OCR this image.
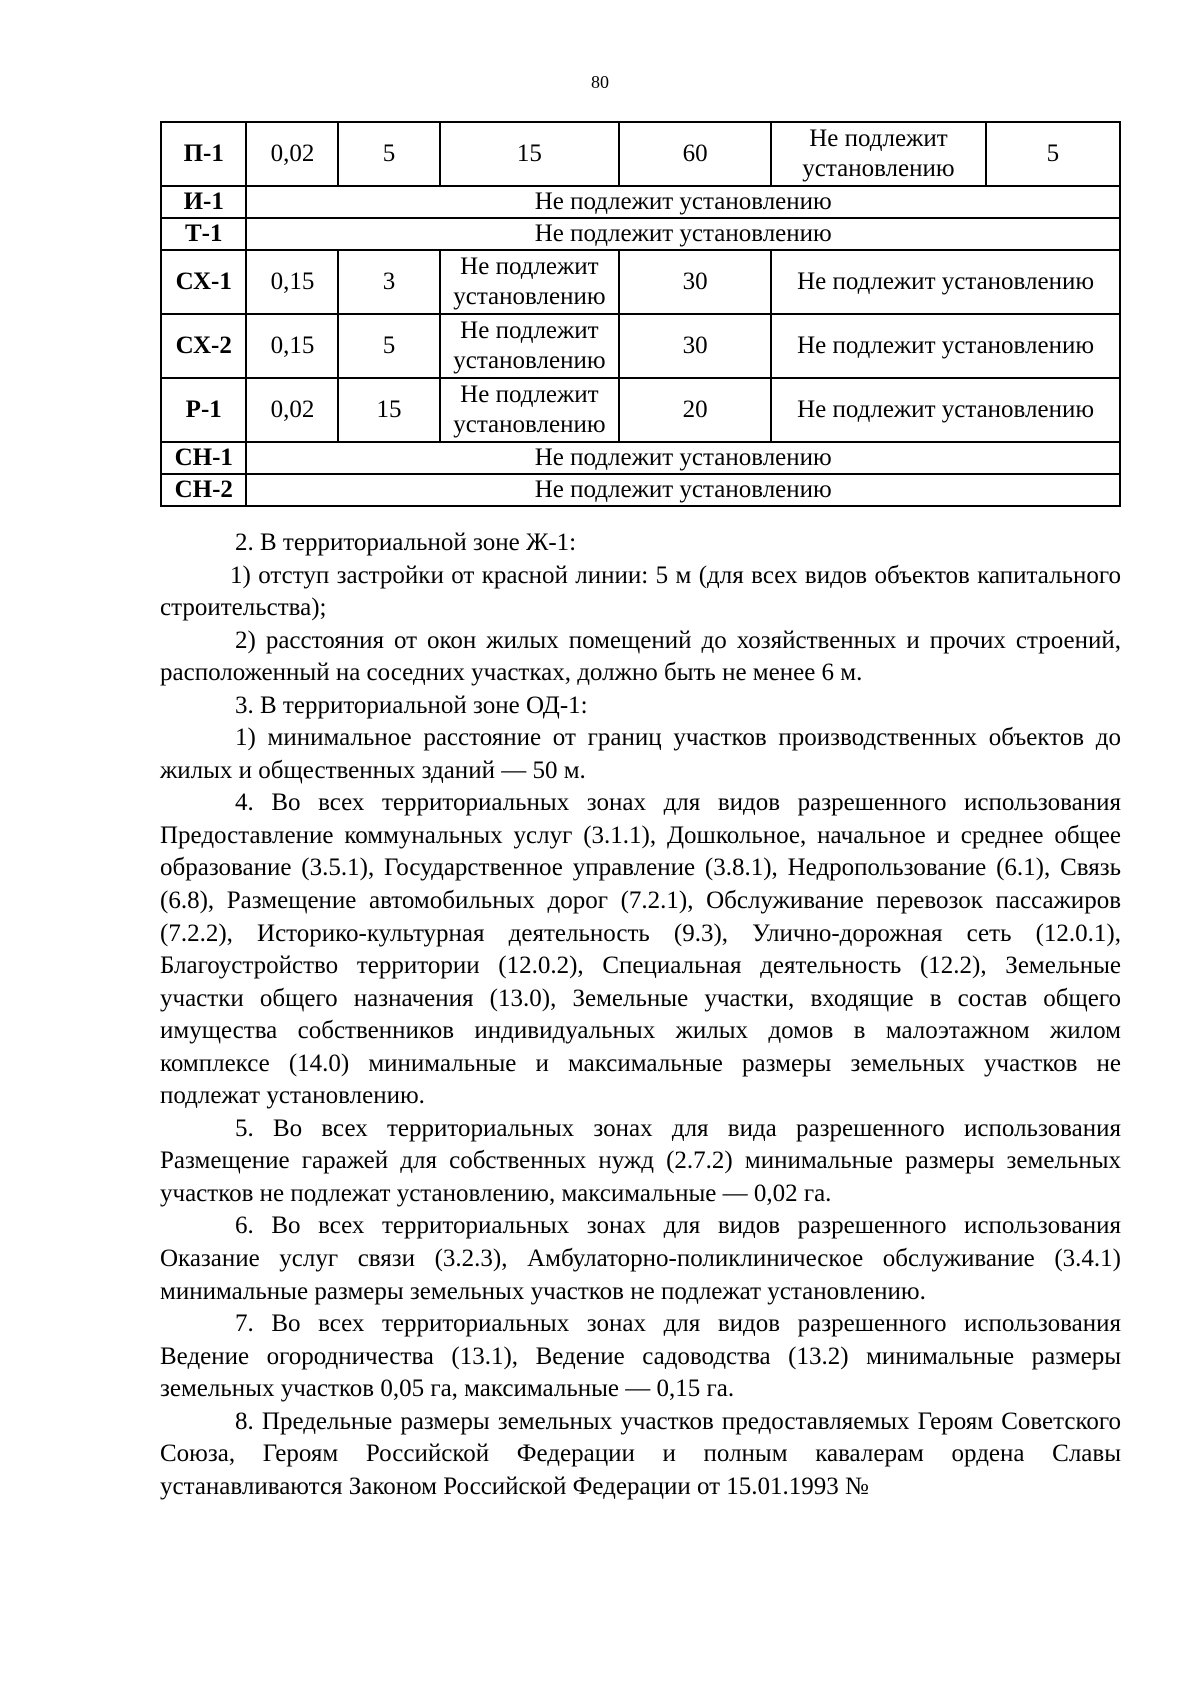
80
П-1	0,02	5	15	60	Не подлежит установлению	5
И-1	Не подлежит установлению					
Т-1	Не подлежит установлению					
СХ-1	0,15	3	Не подлежит установлению	30	Не подлежит установлению	
СХ-2	0,15	5	Не подлежит установлению	30	Не подлежит установлению	
Р-1	0,02	15	Не подлежит установлению	20	Не подлежит установлению	
СН-1	Не подлежит установлению					
СН-2	Не подлежит установлению					

2. В территориальной зоне Ж-1:

1) отступ застройки от красной линии: 5 м (для всех видов объектов капитального строительства);

2) расстояния от окон жилых помещений до хозяйственных и прочих строений, расположенный на соседних участках, должно быть не менее 6 м.

3. В территориальной зоне ОД-1:

1) минимальное расстояние от границ участков производственных объектов до жилых и общественных зданий — 50 м.

4. Во всех территориальных зонах для видов разрешенного использования Предоставление коммунальных услуг (3.1.1), Дошкольное, начальное и среднее общее образование (3.5.1), Государственное управление (3.8.1), Недропользование (6.1), Связь (6.8), Размещение автомобильных дорог (7.2.1), Обслуживание перевозок пассажиров (7.2.2), Историко-культурная деятельность (9.3), Улично-дорожная сеть (12.0.1), Благоустройство территории (12.0.2), Специальная деятельность (12.2), Земельные участки общего назначения (13.0), Земельные участки, входящие в состав общего имущества собственников индивидуальных жилых домов в малоэтажном жилом комплексе (14.0) минимальные и максимальные размеры земельных участков не подлежат установлению.

5. Во всех территориальных зонах для вида разрешенного использования Размещение гаражей для собственных нужд (2.7.2) минимальные размеры земельных участков не подлежат установлению, максимальные — 0,02 га.

6. Во всех территориальных зонах для видов разрешенного использования Оказание услуг связи (3.2.3), Амбулаторно-поликлиническое обслуживание (3.4.1) минимальные размеры земельных участков не подлежат установлению.

7. Во всех территориальных зонах для видов разрешенного использования Ведение огородничества (13.1), Ведение садоводства (13.2) минимальные размеры земельных участков 0,05 га, максимальные — 0,15 га.

8. Предельные размеры земельных участков предоставляемых Героям Советского Союза, Героям Российской Федерации и полным кавалерам ордена Славы устанавливаются Законом Российской Федерации от 15.01.1993 №
